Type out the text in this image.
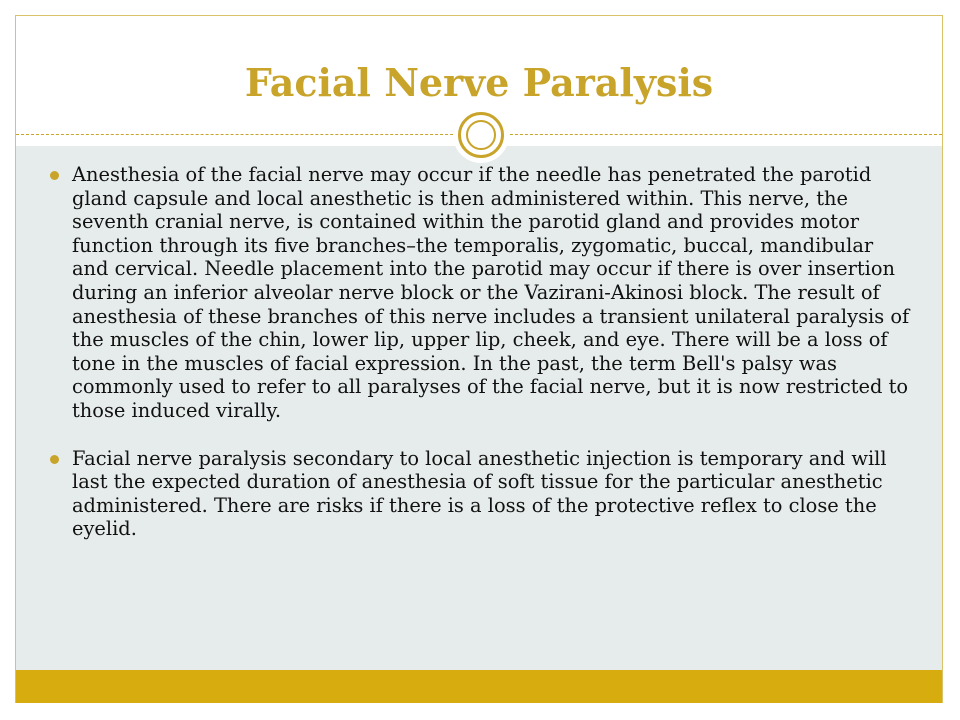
Facial Nerve Paralysis
Anesthesia of the facial nerve may occur if the needle has penetrated the parotid gland capsule and local anesthetic is then administered within. This nerve, the seventh cranial nerve, is contained within the parotid gland and provides motor function through its five branches–the temporalis, zygomatic, buccal, mandibular and cervical. Needle placement into the parotid may occur if there is over insertion during an inferior alveolar nerve block or the Vazirani-Akinosi block. The result of anesthesia of these branches of this nerve includes a transient unilateral paralysis of the muscles of the chin, lower lip, upper lip, cheek, and eye. There will be a loss of tone in the muscles of facial expression. In the past, the term Bell's palsy was commonly used to refer to all paralyses of the facial nerve, but it is now restricted to those induced virally.
Facial nerve paralysis secondary to local anesthetic injection is temporary and will last the expected duration of anesthesia of soft tissue for the particular anesthetic administered. There are risks if there is a loss of the protective reflex to close the eyelid.
